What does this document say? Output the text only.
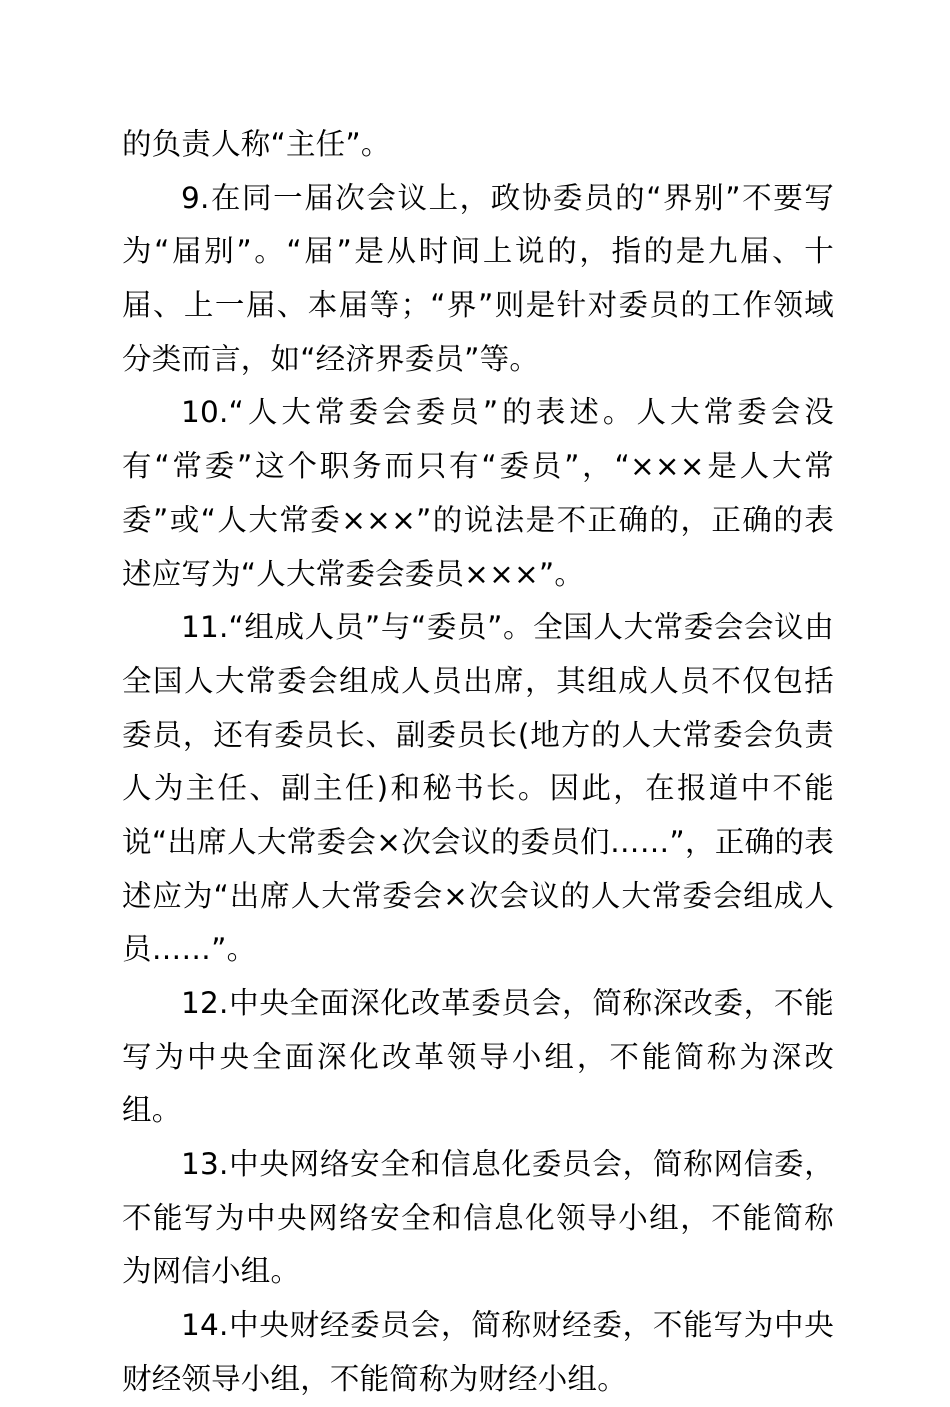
的负责人称“主任”。

9.在同一届次会议上，政协委员的“界别”不要写为“届别”。“届”是从时间上说的，指的是九届、十届、上一届、本届等；“界”则是针对委员的工作领域分类而言，如“经济界委员”等。

10.“人大常委会委员”的表述。人大常委会没有“常委”这个职务而只有“委员”，“×××是人大常委”或“人大常委×××”的说法是不正确的，正确的表述应写为“人大常委会委员×××”。

11.“组成人员”与“委员”。全国人大常委会会议由全国人大常委会组成人员出席，其组成人员不仅包括委员，还有委员长、副委员长(地方的人大常委会负责人为主任、副主任)和秘书长。因此，在报道中不能说“出席人大常委会×次会议的委员们……”，正确的表述应为“出席人大常委会×次会议的人大常委会组成人员……”。

12.中央全面深化改革委员会，简称深改委，不能写为中央全面深化改革领导小组，不能简称为深改组。

13.中央网络安全和信息化委员会，简称网信委，不能写为中央网络安全和信息化领导小组，不能简称为网信小组。

14.中央财经委员会，简称财经委，不能写为中央财经领导小组，不能简称为财经小组。
